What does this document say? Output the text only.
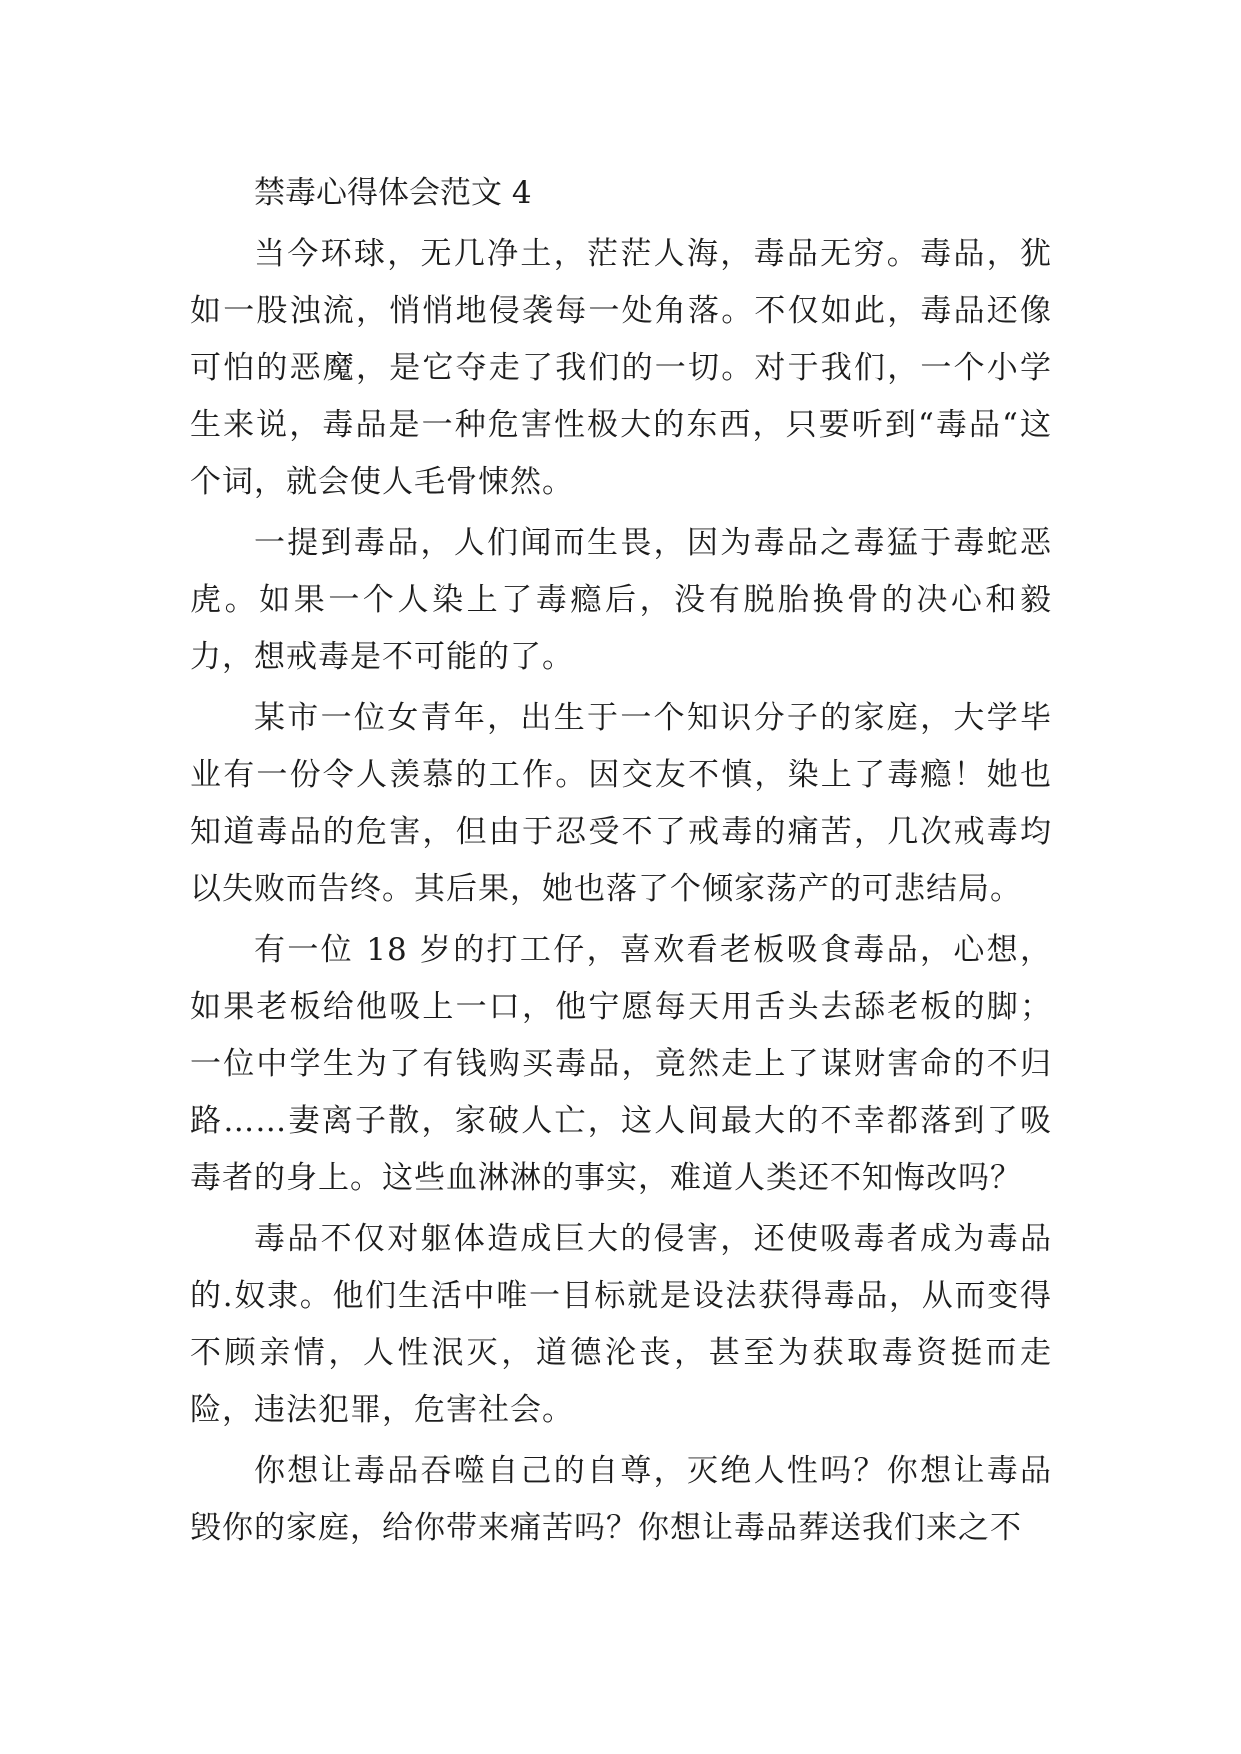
禁毒心得体会范文 4

当今环球，无几净土，茫茫人海，毒品无穷。毒品，犹如一股浊流，悄悄地侵袭每一处角落。不仅如此，毒品还像可怕的恶魔，是它夺走了我们的一切。对于我们，一个小学生来说，毒品是一种危害性极大的东西，只要听到“毒品“这个词，就会使人毛骨悚然。

一提到毒品，人们闻而生畏，因为毒品之毒猛于毒蛇恶虎。如果一个人染上了毒瘾后，没有脱胎换骨的决心和毅力，想戒毒是不可能的了。

某市一位女青年，出生于一个知识分子的家庭，大学毕业有一份令人羡慕的工作。因交友不慎，染上了毒瘾！她也知道毒品的危害，但由于忍受不了戒毒的痛苦，几次戒毒均以失败而告终。其后果，她也落了个倾家荡产的可悲结局。

有一位 18 岁的打工仔，喜欢看老板吸食毒品，心想，如果老板给他吸上一口，他宁愿每天用舌头去舔老板的脚；一位中学生为了有钱购买毒品，竟然走上了谋财害命的不归路……妻离子散，家破人亡，这人间最大的不幸都落到了吸毒者的身上。这些血淋淋的事实，难道人类还不知悔改吗？

毒品不仅对躯体造成巨大的侵害，还使吸毒者成为毒品的.奴隶。他们生活中唯一目标就是设法获得毒品，从而变得不顾亲情，人性泯灭，道德沦丧，甚至为获取毒资挺而走险，违法犯罪，危害社会。

你想让毒品吞噬自己的自尊，灭绝人性吗？你想让毒品毁你的家庭，给你带来痛苦吗？你想让毒品葬送我们来之不
